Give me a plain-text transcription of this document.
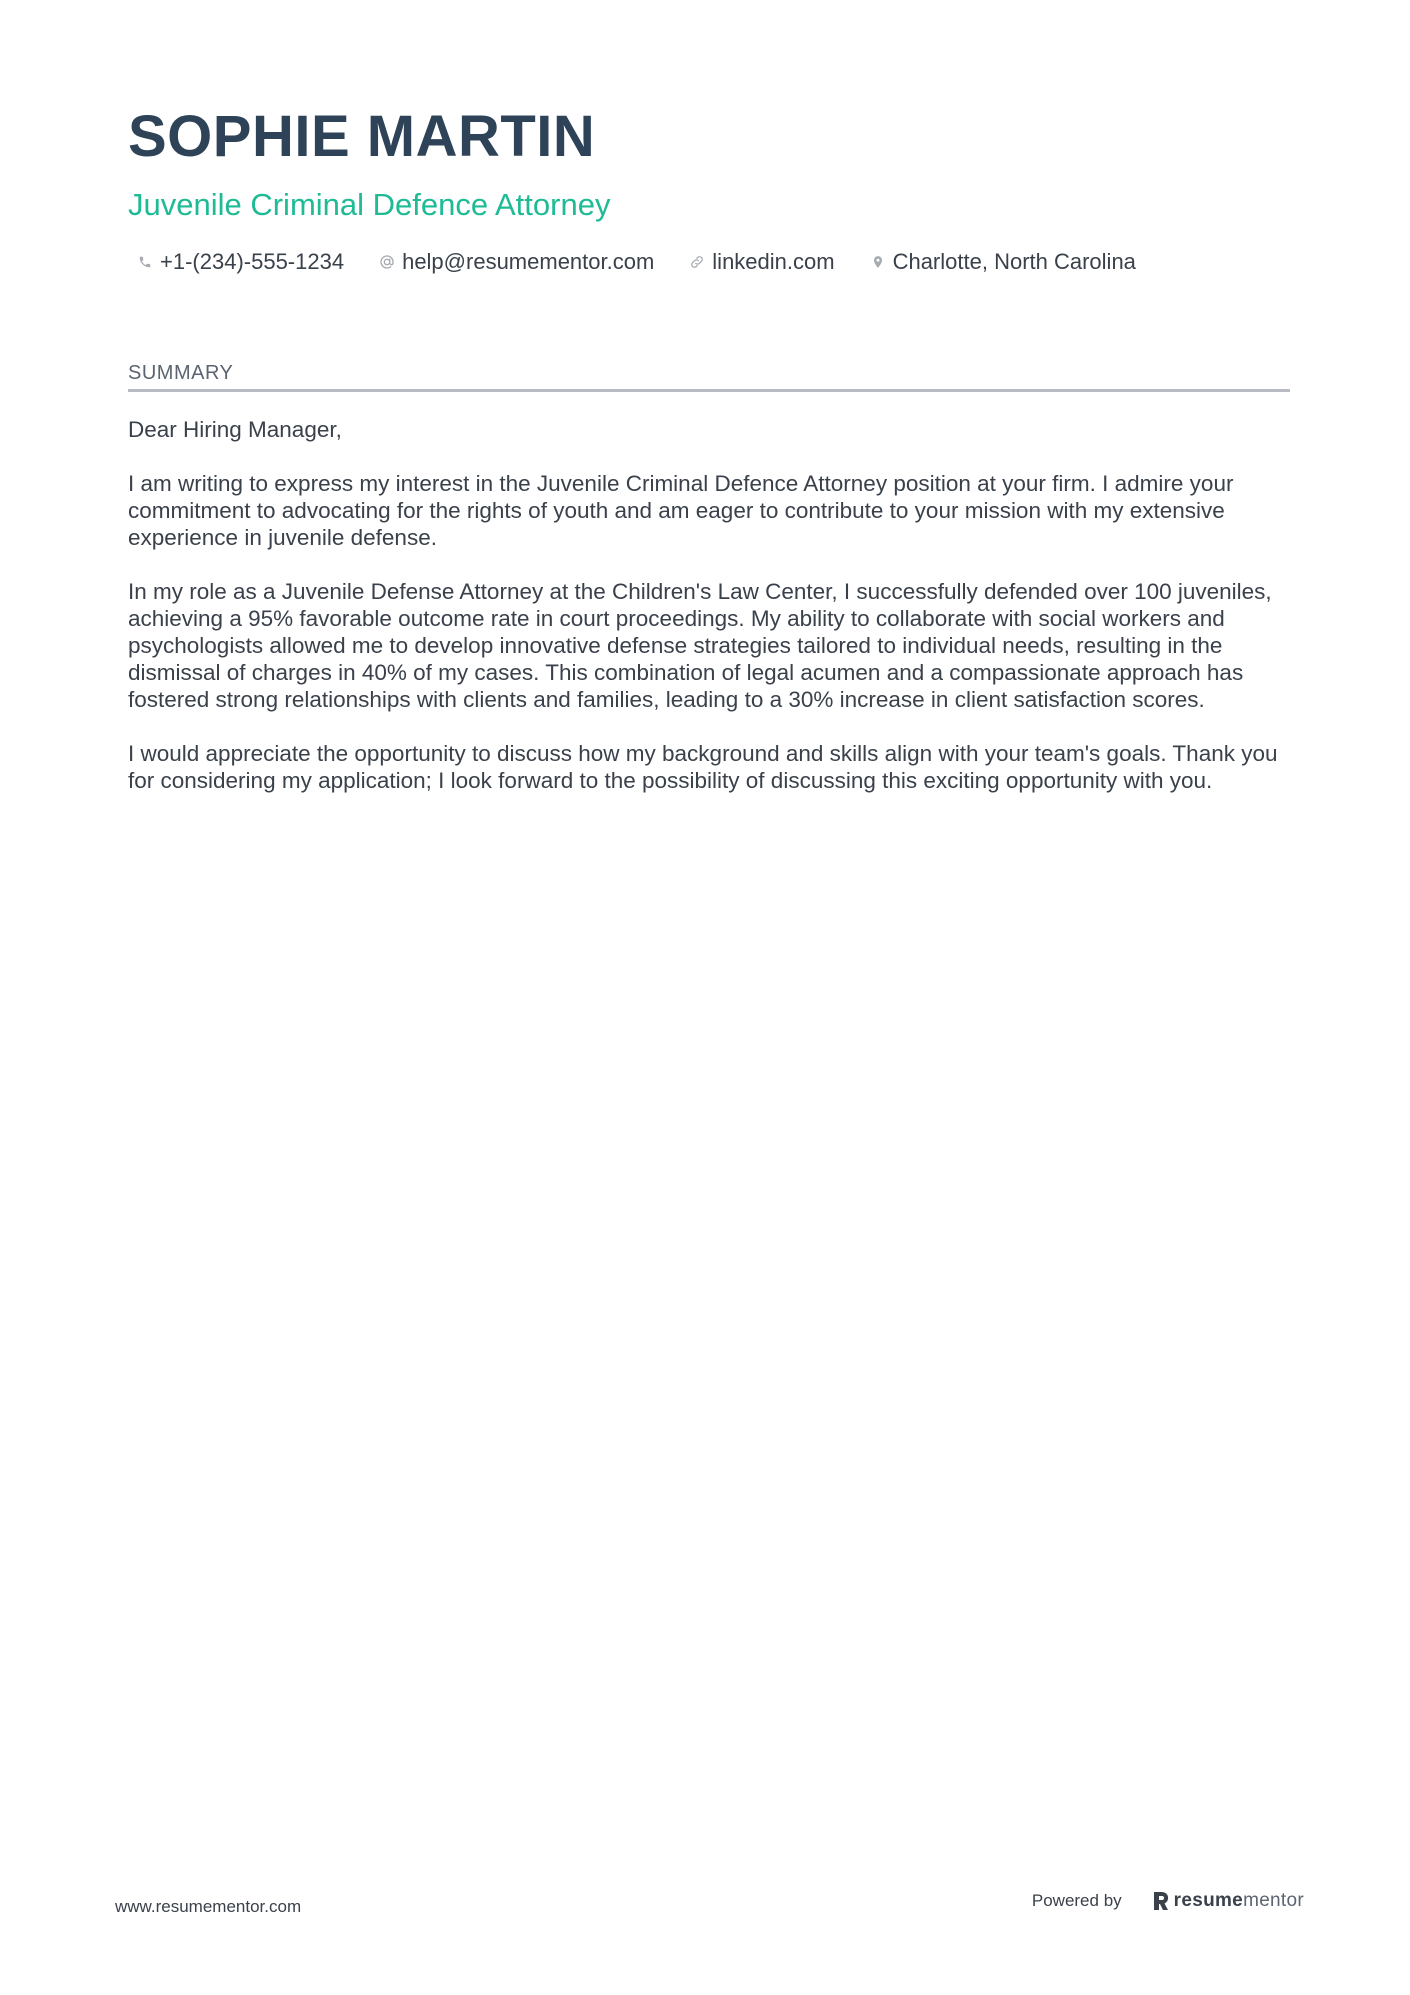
SOPHIE MARTIN
Juvenile Criminal Defence Attorney
+1-(234)-555-1234	help@resumementor.com	linkedin.com	Charlotte, North Carolina
SUMMARY

Dear Hiring Manager,

I am writing to express my interest in the Juvenile Criminal Defence Attorney position at your firm. I admire your commitment to advocating for the rights of youth and am eager to contribute to your mission with my extensive experience in juvenile defense.

In my role as a Juvenile Defense Attorney at the Children's Law Center, I successfully defended over 100 juveniles, achieving a 95% favorable outcome rate in court proceedings. My ability to collaborate with social workers and psychologists allowed me to develop innovative defense strategies tailored to individual needs, resulting in the dismissal of charges in 40% of my cases. This combination of legal acumen and a compassionate approach has fostered strong relationships with clients and families, leading to a 30% increase in client satisfaction scores.

I would appreciate the opportunity to discuss how my background and skills align with your team's goals. Thank you for considering my application; I look forward to the possibility of discussing this exciting opportunity with you.

www.resumementor.com	Powered by	resume mentor
